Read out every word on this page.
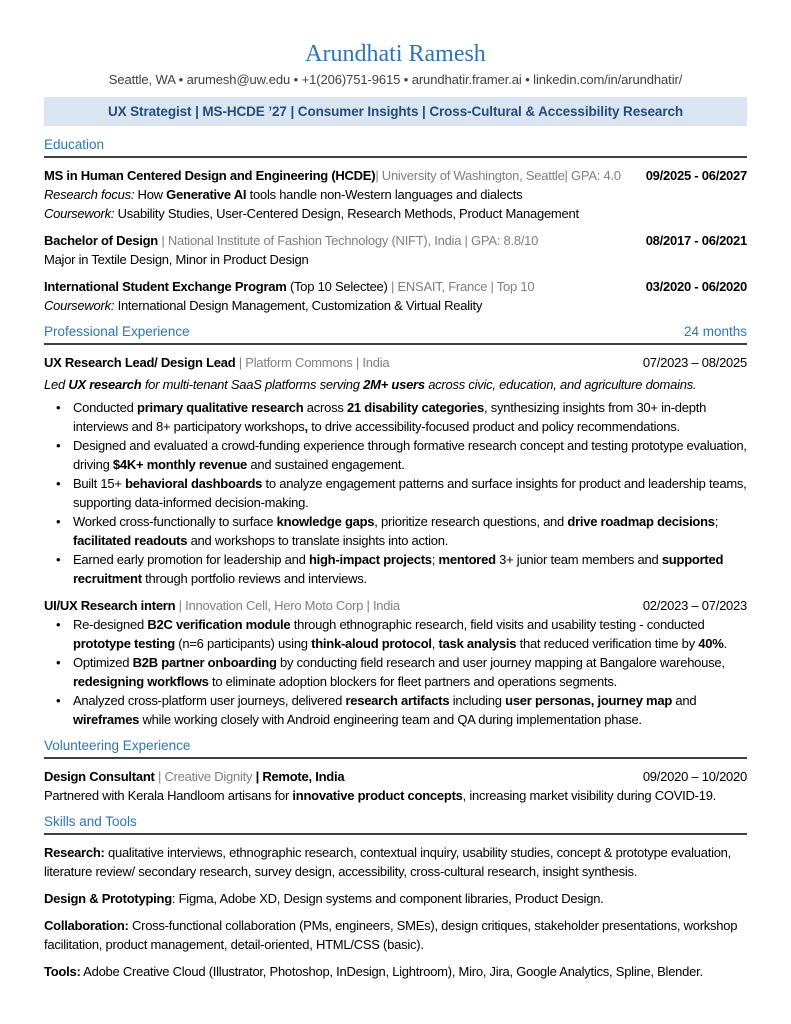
Arundhati Ramesh
Seattle, WA • arumesh@uw.edu • +1(206)751-9615 • arundhatir.framer.ai • linkedin.com/in/arundhatir/
UX Strategist | MS-HCDE ’27 | Consumer Insights | Cross-Cultural & Accessibility Research
Education
MS in Human Centered Design and Engineering (HCDE)| University of Washington, Seattle| GPA: 4.0 09/2025 - 06/2027
Research focus: How Generative AI tools handle non-Western languages and dialects
Coursework: Usability Studies, User-Centered Design, Research Methods, Product Management
Bachelor of Design | National Institute of Fashion Technology (NIFT), India | GPA: 8.8/10	08/2017 - 06/2021
Major in Textile Design, Minor in Product Design
International Student Exchange Program (Top 10 Selectee) | ENSAIT, France | Top 10	03/2020 - 06/2020
Coursework: International Design Management, Customization & Virtual Reality
Professional Experience	24 months
UX Research Lead/ Design Lead | Platform Commons | India	07/2023 – 08/2025
Led UX research for multi-tenant SaaS platforms serving 2M+ users across civic, education, and agriculture domains.
• Conducted primary qualitative research across 21 disability categories, synthesizing insights from 30+ in-depth interviews and 8+ participatory workshops, to drive accessibility-focused product and policy recommendations.
• Designed and evaluated a crowd-funding experience through formative research concept and testing prototype evaluation, driving $4K+ monthly revenue and sustained engagement.
• Built 15+ behavioral dashboards to analyze engagement patterns and surface insights for product and leadership teams, supporting data-informed decision-making.
• Worked cross-functionally to surface knowledge gaps, prioritize research questions, and drive roadmap decisions; facilitated readouts and workshops to translate insights into action.
• Earned early promotion for leadership and high-impact projects; mentored 3+ junior team members and supported recruitment through portfolio reviews and interviews.
UI/UX Research intern | Innovation Cell, Hero Moto Corp | India	02/2023 – 07/2023
• Re-designed B2C verification module through ethnographic research, field visits and usability testing - conducted prototype testing (n=6 participants) using think-aloud protocol, task analysis that reduced verification time by 40%.
• Optimized B2B partner onboarding by conducting field research and user journey mapping at Bangalore warehouse, redesigning workflows to eliminate adoption blockers for fleet partners and operations segments.
• Analyzed cross-platform user journeys, delivered research artifacts including user personas, journey map and wireframes while working closely with Android engineering team and QA during implementation phase.
Volunteering Experience
Design Consultant | Creative Dignity | Remote, India	09/2020 – 10/2020
Partnered with Kerala Handloom artisans for innovative product concepts, increasing market visibility during COVID-19.
Skills and Tools
Research: qualitative interviews, ethnographic research, contextual inquiry, usability studies, concept & prototype evaluation, literature review/ secondary research, survey design, accessibility, cross-cultural research, insight synthesis.
Design & Prototyping: Figma, Adobe XD, Design systems and component libraries, Product Design.
Collaboration: Cross-functional collaboration (PMs, engineers, SMEs), design critiques, stakeholder presentations, workshop facilitation, product management, detail-oriented, HTML/CSS (basic).
Tools: Adobe Creative Cloud (Illustrator, Photoshop, InDesign, Lightroom), Miro, Jira, Google Analytics, Spline, Blender.
